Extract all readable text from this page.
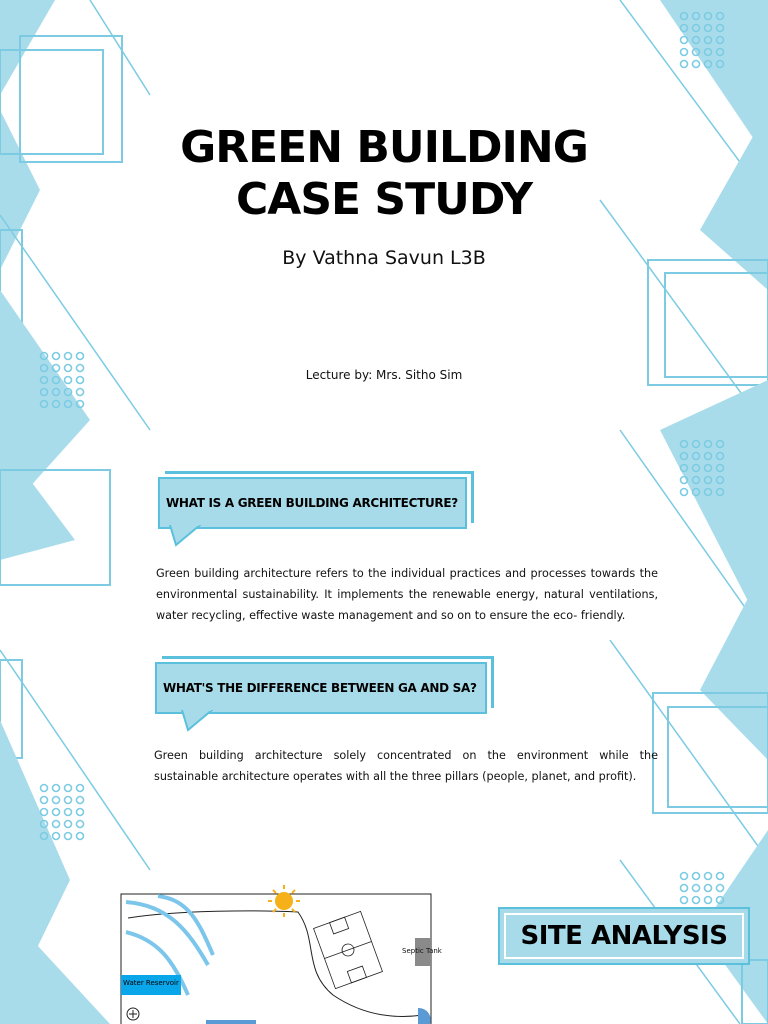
GREEN BUILDING
CASE STUDY
By Vathna Savun L3B
Lecture by: Mrs. Sitho Sim
WHAT IS A GREEN BUILDING ARCHITECTURE?
Green building architecture refers to the individual practices and processes towards the environmental sustainability. It implements the renewable energy, natural ventilations, water recycling, effective waste management and so on to ensure the eco- friendly.
WHAT'S THE DIFFERENCE BETWEEN GA AND SA?
Green building architecture solely concentrated on the environment while the sustainable architecture operates with all the three pillars (people, planet, and profit).
Water Reservoir
Septic Tank	SITE ANALYSIS
